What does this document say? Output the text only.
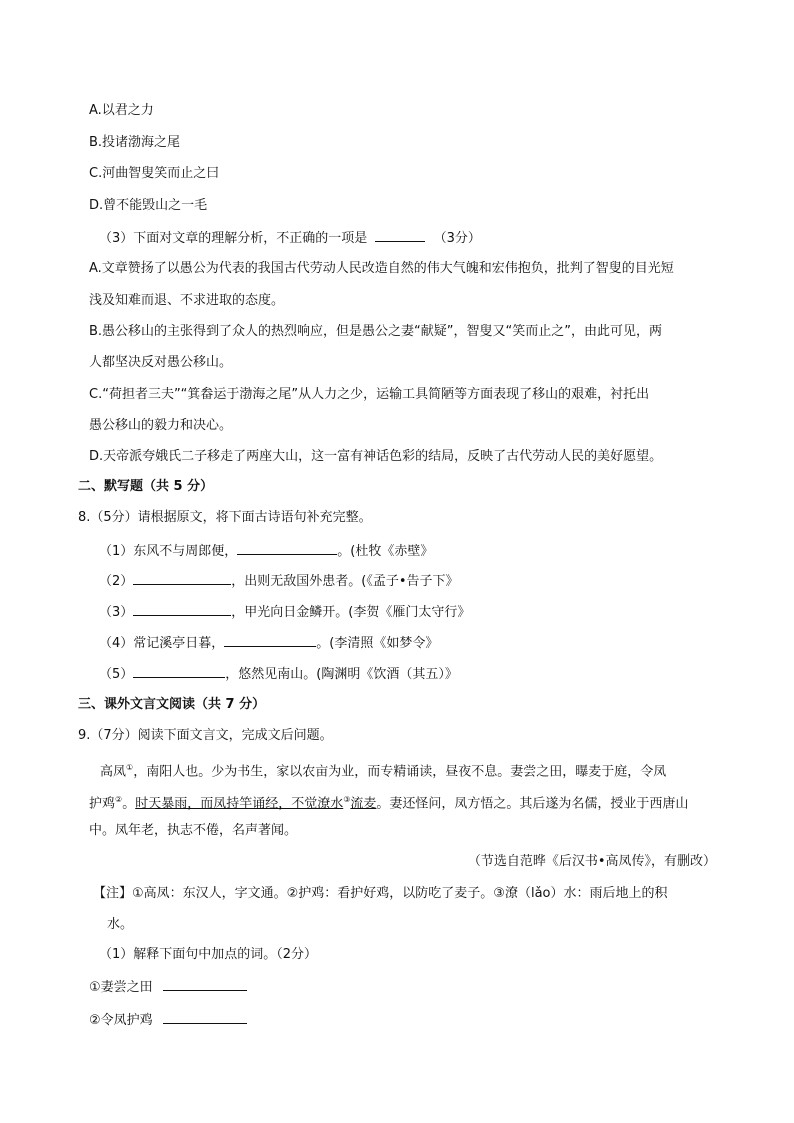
A.以君之力
B.投诸渤海之尾
C.河曲智叟笑而止之曰
D.曾不能毁山之一毛
（3）下面对文章的理解分析，不正确的一项是	（3分）
A.文章赞扬了以愚公为代表的我国古代劳动人民改造自然的伟大气魄和宏伟抱负，批判了智叟的目光短
浅及知难而退、不求进取的态度。
B.愚公移山的主张得到了众人的热烈响应，但是愚公之妻“献疑”，智叟又“笑而止之”，由此可见，两
人都坚决反对愚公移山。
C.“荷担者三夫”“箕畚运于渤海之尾”从人力之少，运输工具简陋等方面表现了移山的艰难，衬托出
愚公移山的毅力和决心。
D.天帝派夸娥氏二子移走了两座大山，这一富有神话色彩的结局，反映了古代劳动人民的美好愿望。
二、默写题（共 5 分）
8.（5分）请根据原文，将下面古诗语句补充完整。
（1）东风不与周郎便，	。(杜牧《赤壁》
（2）	，出则无敌国外患者。(《孟子•告子下》
（3）	，甲光向日金鳞开。(李贺《雁门太守行》
（4）常记溪亭日暮，	。(李清照《如梦令》
（5）	，悠然见南山。(陶渊明《饮酒（其五）》
三、课外文言文阅读（共 7 分）
9.（7分）阅读下面文言文，完成文后问题。
高凤①，南阳人也。少为书生，家以农亩为业，而专精诵读，昼夜不息。妻尝之田，曝麦于庭，令凤
护鸡②。时天暴雨，而凤持竿诵经，不觉潦水③流麦。妻还怪问，凤方悟之。其后遂为名儒，授业于西唐山
中。凤年老，执志不倦，名声著闻。
（节选自范晔《后汉书•高凤传》，有删改）
【注】①高凤：东汉人，字文通。②护鸡：看护好鸡，以防吃了麦子。③潦（lǎo）水：雨后地上的积
水。
（1）解释下面句中加点的词。（2分）
①妻尝之田
②令凤护鸡
